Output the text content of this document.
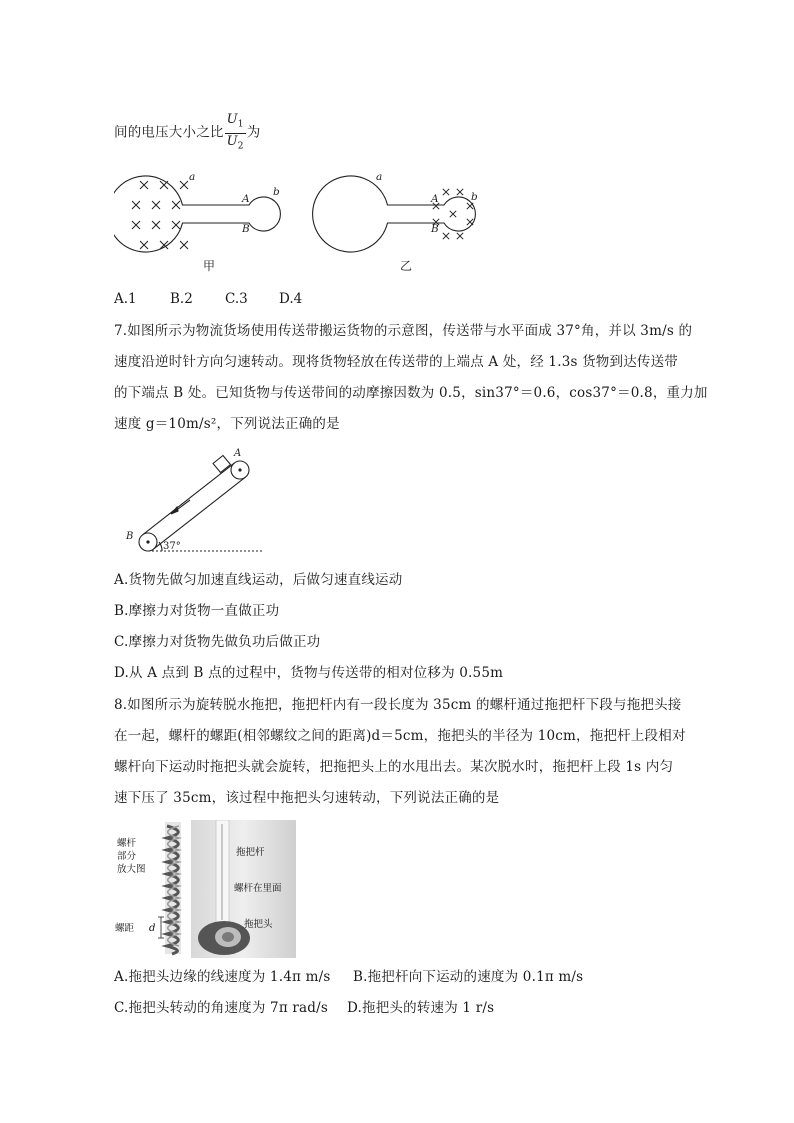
间的电压大小之比 $\frac{U_1}{U_2}$ 为
a
b
A
B
a
b
A
B
甲	乙
A.1 B.2 C.3 D.4
7.如图所示为物流货场使用传送带搬运货物的示意图，传送带与水平面成 37°角，并以 3m/s 的
速度沿逆时针方向匀速转动。现将货物轻放在传送带的上端点 A 处，经 1.3s 货物到达传送带
的下端点 B 处。已知货物与传送带间的动摩擦因数为 0.5，sin37°＝0.6，cos37°＝0.8，重力加
速度 g＝10m/s²，下列说法正确的是
A
B
37°
A.货物先做匀加速直线运动，后做匀速直线运动
B.摩擦力对货物一直做正功
C.摩擦力对货物先做负功后做正功
D.从 A 点到 B 点的过程中，货物与传送带的相对位移为 0.55m
8.如图所示为旋转脱水拖把，拖把杆内有一段长度为 35cm 的螺杆通过拖把杆下段与拖把头接
在一起，螺杆的螺距(相邻螺纹之间的距离)d＝5cm，拖把头的半径为 10cm，拖把杆上段相对
螺杆向下运动时拖把头就会旋转，把拖把头上的水甩出去。某次脱水时，拖把杆上段 1s 内匀
速下压了 35cm，该过程中拖把头匀速转动，下列说法正确的是
螺杆
部分
放大图
螺距
拖把杆
螺杆在里面
拖把头
d
A.拖把头边缘的线速度为 1.4π m/s B.拖把杆向下运动的速度为 0.1π m/s
C.拖把头转动的角速度为 7π rad/s D.拖把头的转速为 1 r/s
